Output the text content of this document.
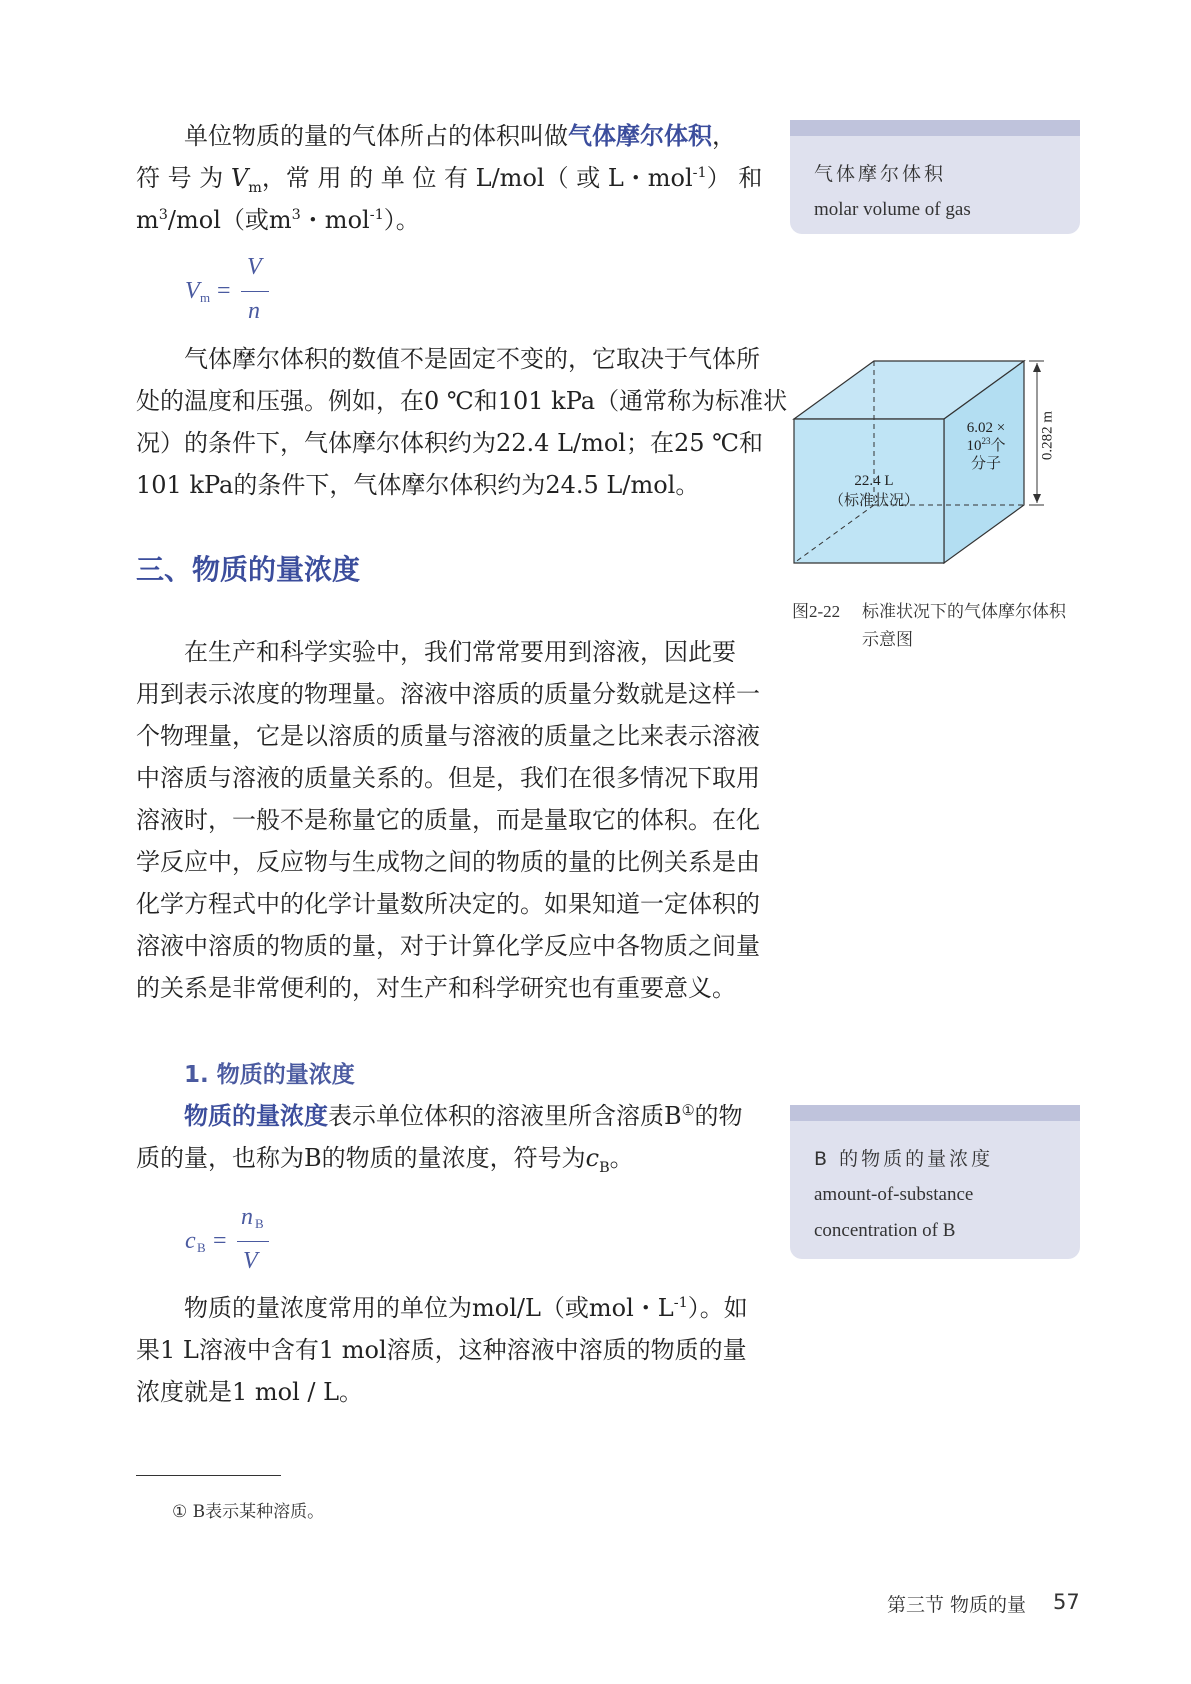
单位物质的量的气体所占的体积叫做气体摩尔体积，
符 号 为 $V_m$，常 用 的 单 位 有 L/mol（ 或 L・mol$^{-1}$） 和
$m^3/mol$（或$m^3$・mol$^{-1}$）。
V m =
V
n
气体摩尔体积的数值不是固定不变的，它取决于气体所
处的温度和压强。例如，在0 ℃和101 kPa（通常称为标准状
况）的条件下，气体摩尔体积约为22.4 L/mol；在25 ℃和
101 kPa的条件下，气体摩尔体积约为24.5 L/mol。
三、物质的量浓度
在生产和科学实验中，我们常常要用到溶液，因此要
用到表示浓度的物理量。溶液中溶质的质量分数就是这样一
个物理量，它是以溶质的质量与溶液的质量之比来表示溶液
中溶质与溶液的质量关系的。但是，我们在很多情况下取用
溶液时，一般不是称量它的质量，而是量取它的体积。在化
学反应中，反应物与生成物之间的物质的量的比例关系是由
化学方程式中的化学计量数所决定的。如果知道一定体积的
溶液中溶质的物质的量，对于计算化学反应中各物质之间量
的关系是非常便利的，对生产和科学研究也有重要意义。
1. 物质的量浓度
物质的量浓度表示单位体积的溶液里所含溶质B①的物
质的量，也称为B的物质的量浓度，符号为$c_B$。
c B =
n B
V
物质的量浓度常用的单位为mol/L（或mol・$L^{-1}$）。如
果1 L溶液中含有1 mol溶质，这种溶液中溶质的物质的量
浓度就是1 mol / L。
气体摩尔体积
molar volume of gas
B 的物质的量浓度
amount-of-substance
concentration of B
0.282 m
6.02 ×
$10^{23}$个
分子
22.4 L
（标准状况）
图2-22 标准状况下的气体摩尔体积
示意图
① B表示某种溶质。
第三节 物质的量 57
